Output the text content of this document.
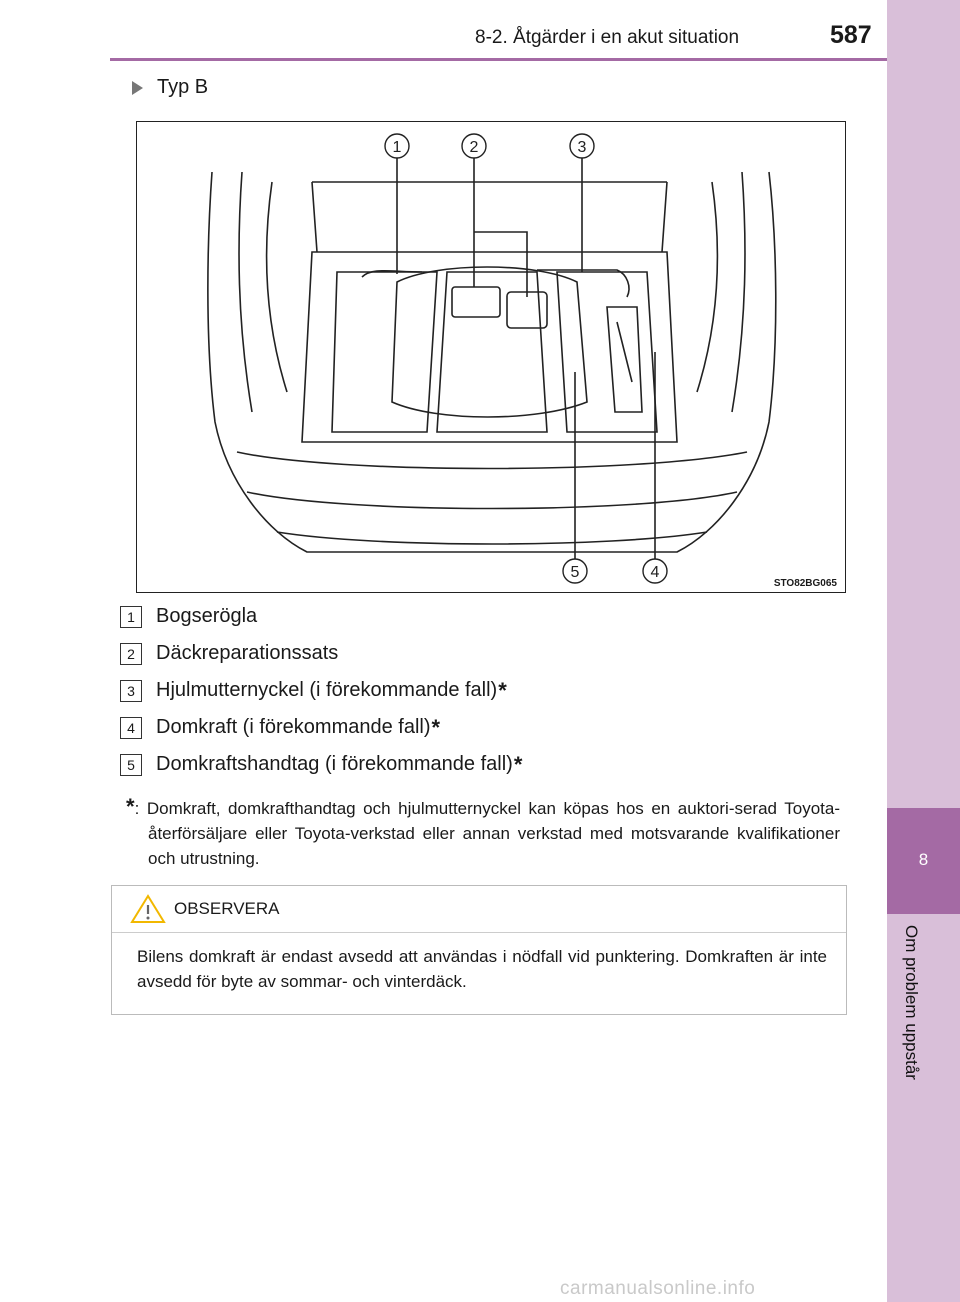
8
Om problem uppstår
8-2. Åtgärder i en akut situation	587
Typ B
1	2	3
4
5
STO82BG065
1	Bogserögla
2	Däckreparationssats
3	Hjulmutternyckel (i förekommande fall) *
4	Domkraft (i förekommande fall) *
5	Domkraftshandtag (i förekommande fall) *

*: Domkraft, domkrafthandtag och hjulmutternyckel kan köpas hos en auktori-serad Toyota-återförsäljare eller Toyota-verkstad eller annan verkstad med motsvarande kvalifikationer och utrustning.

OBSERVERA
Bilens domkraft är endast avsedd att användas i nödfall vid punktering. Domkraften är inte avsedd för byte av sommar- och vinterdäck.
carmanualsonline.info
